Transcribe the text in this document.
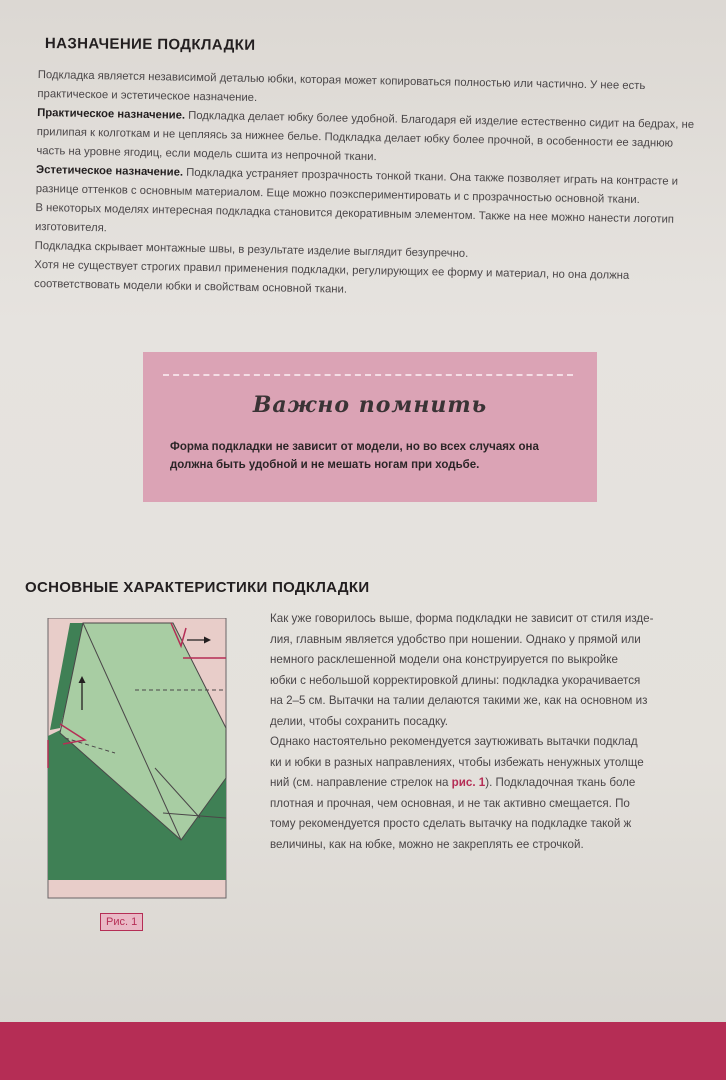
НАЗНАЧЕНИЕ ПОДКЛАДКИ

Подкладка является независимой деталью юбки, которая может копироваться полностью или частично. У нее есть практическое и эстетическое назначение.

Практическое назначение. Подкладка делает юбку более удобной. Благодаря ей изделие естественно сидит на бедрах, не прилипая к колготкам и не цепляясь за нижнее белье. Подкладка делает юбку более прочной, в особенности ее заднюю часть на уровне ягодиц, если модель сшита из непрочной ткани.

Эстетическое назначение. Подкладка устраняет прозрачность тонкой ткани. Она также позволяет играть на контрасте и разнице оттенков с основным материалом. Еще можно поэкспериментировать и с прозрачностью основной ткани.

В некоторых моделях интересная подкладка становится декоративным элементом. Также на нее можно нанести логотип изготовителя.

Подкладка скрывает монтажные швы, в результате изделие выглядит безупречно.

Хотя не существует строгих правил применения подкладки, регулирующих ее форму и материал, но она должна соответствовать модели юбки и свойствам основной ткани.

Важно помнить
Форма подкладки не зависит от модели, но во всех случаях она должна быть удобной и не мешать ногам при ходьбе.
ОСНОВНЫЕ ХАРАКТЕРИСТИКИ ПОДКЛАДКИ
Как уже говорилось выше, форма подкладки не зависит от стиля изде-
лия, главным является удобство при ношении. Однако у прямой или
немного расклешенной модели она конструируется по выкройке
юбки с небольшой корректировкой длины: подкладка укорачивается
на 2–5 см. Вытачки на талии делаются такими же, как на основном из
делии, чтобы сохранить посадку.
Однако настоятельно рекомендуется заутюживать вытачки подклад
ки и юбки в разных направлениях, чтобы избежать ненужных утолще
ний (см. направление стрелок на рис. 1). Подкладочная ткань боле
плотная и прочная, чем основная, и не так активно смещается. По
тому рекомендуется просто сделать вытачку на подкладке такой ж
величины, как на юбке, можно не закреплять ее строчкой.
Рис. 1
